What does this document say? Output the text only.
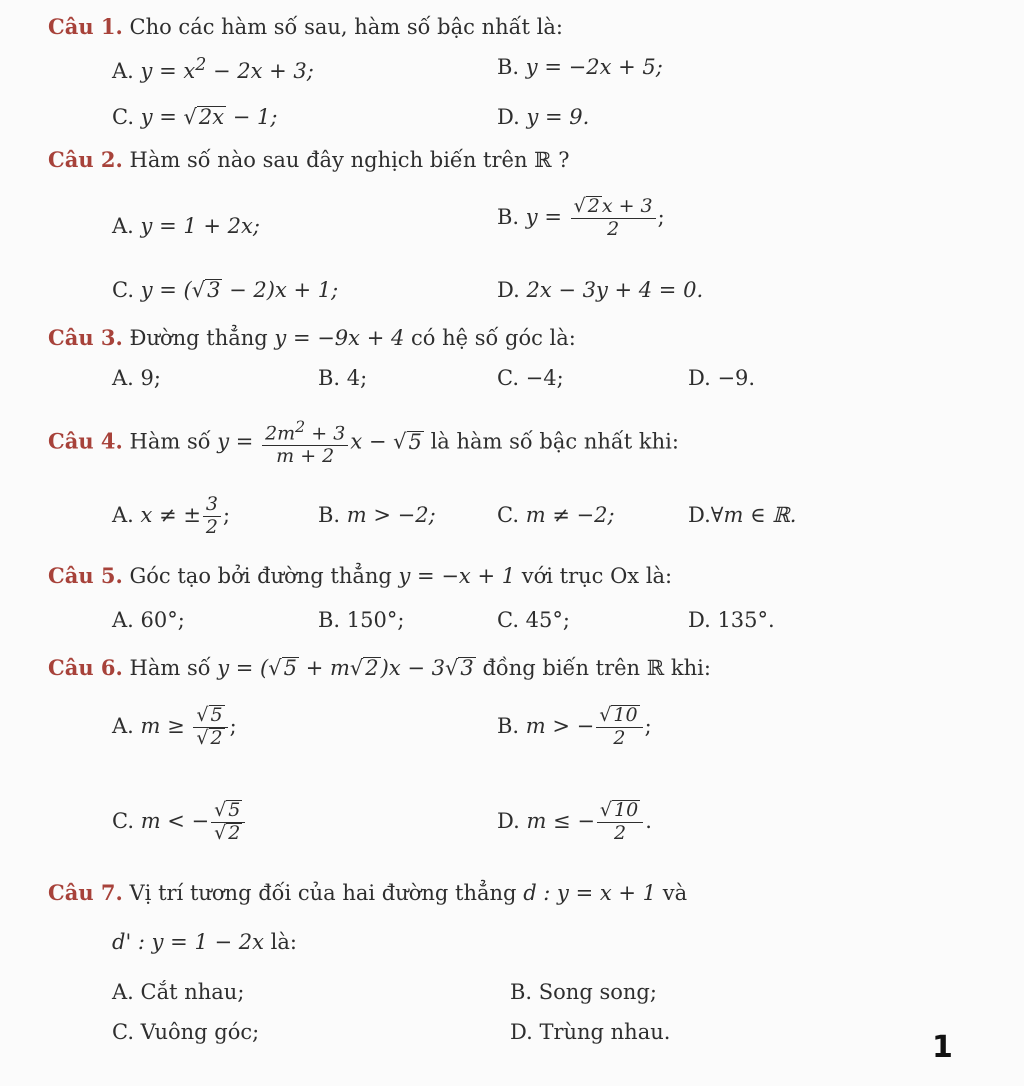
Câu 1. Cho các hàm số sau, hàm số bậc nhất là:
A. $y = x^2 - 2x + 3$;	B. y = −2x + 5;
C. y = √2x − 1;	D. y = 9.
Câu 2. Hàm số nào sau đây nghịch biến trên ℝ ?
A. y = 1 + 2x;	B. $y = \frac{√ 2 x + 3}{2}$ ;
C. y = (√3 − 2)x + 1;	D. 2x − 3y + 4 = 0.
Câu 3. Đường thẳng y = −9x + 4 có hệ số góc là:
A. 9;	B. 4;	C. −4;	D. −9.
Câu 4. Hàm số $y = \frac{2m^2 + 3}{m + 2}$ x − √5 là hàm số bậc nhất khi:
A. x ≠ ± $\frac{3}{2}$ ;	B. m > −2;	C. m ≠ −2;	D.∀m ∈ ℝ.
Câu 5. Góc tạo bởi đường thẳng y = −x + 1 với trục Ox là:
A. 60°;	B. 150°;	C. 45°;	D. 135°.
Câu 6. Hàm số y = (√5 + m√2)x − 3√3 đồng biến trên ℝ khi:
A. $m \ge \frac{√ 5}{√ 2}$ ;	B. m > − $\frac{√ 10}{2}$ ;
C. m < − $\frac{√ 5}{√ 2}$	D. m ≤ − $\frac{√ 10}{2}$ .
Câu 7. Vị trí tương đối của hai đường thẳng d : y = x + 1 và
d' : y = 1 − 2x là:
A. Cắt nhau;	B. Song song;
C. Vuông góc;	D. Trùng nhau.	1
